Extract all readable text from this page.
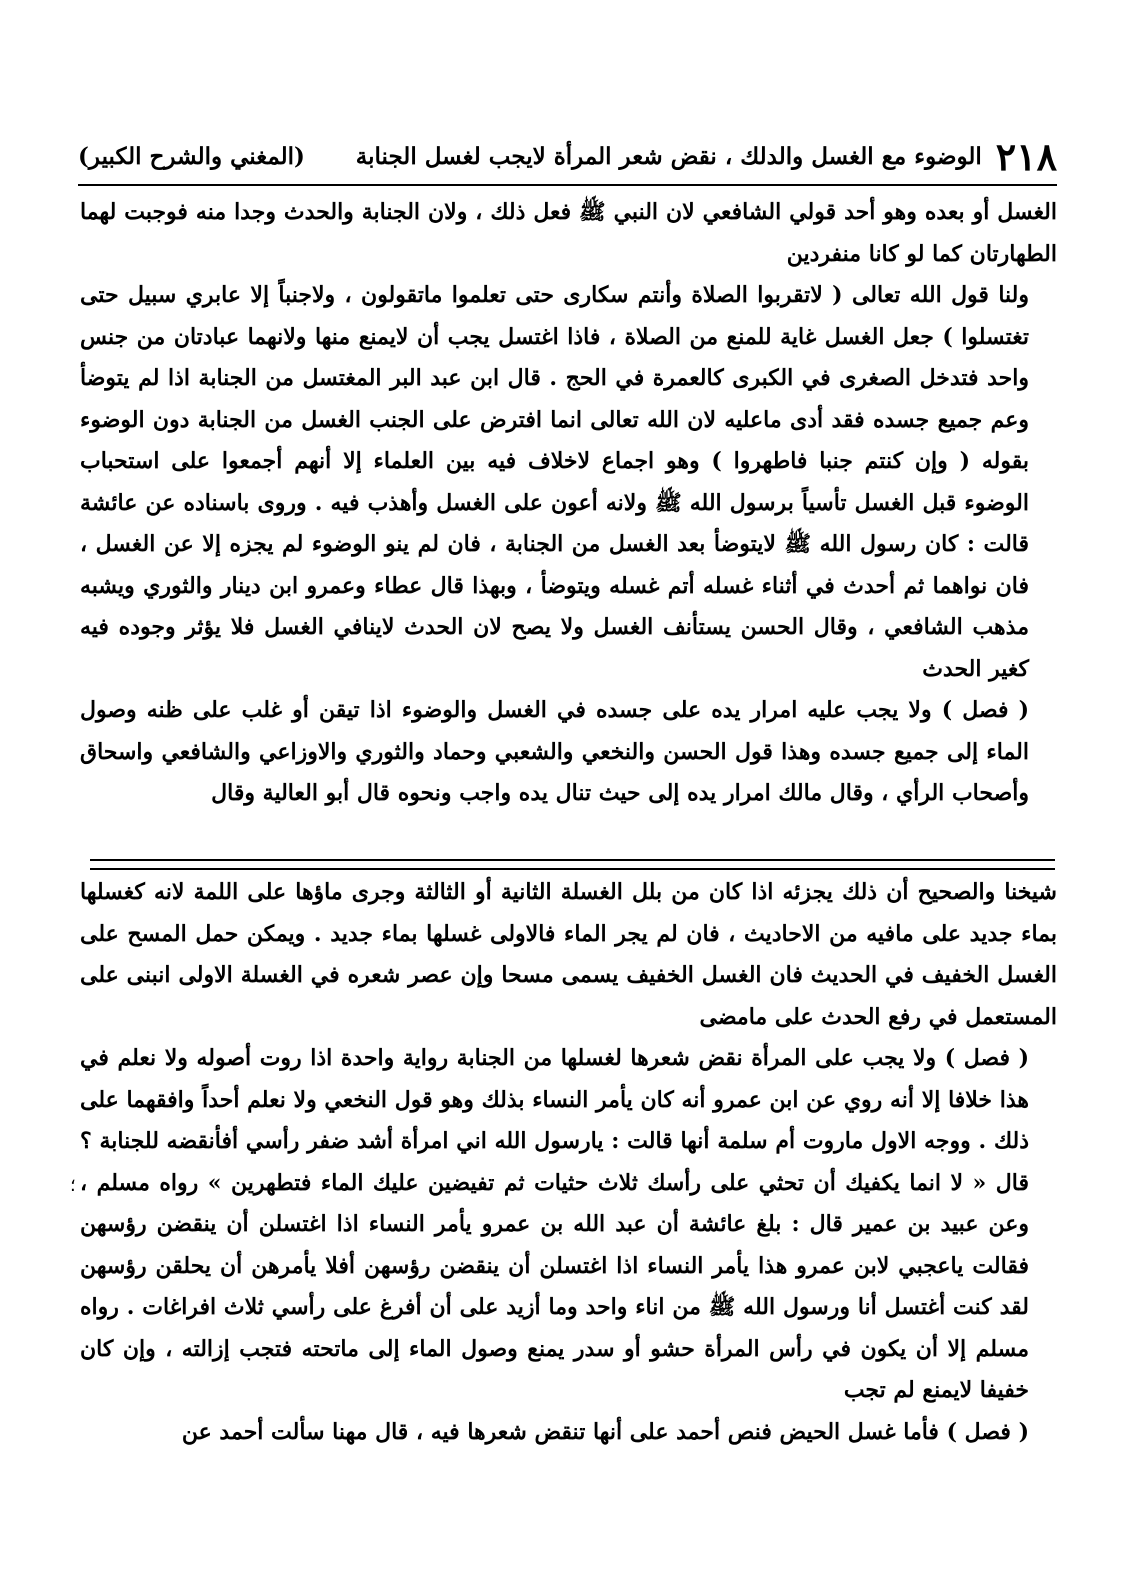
٢١٨
الوضوء مع الغسل والدلك ، نقض شعر المرأة لايجب لغسل الجنابة
(المغني والشرح الكبير)

الغسل أو بعده وهو أحد قولي الشافعي لان النبي ﷺ فعل ذلك ، ولان الجنابة والحدث وجدا منه فوجبت لهما الطهارتان كما لو كانا منفردين

ولنا قول الله تعالى ( لاتقربوا الصلاة وأنتم سكارى حتى تعلموا ماتقولون ، ولاجنباً إلا عابري سبيل حتى تغتسلوا ) جعل الغسل غاية للمنع من الصلاة ، فاذا اغتسل يجب أن لايمنع منها ولانهما عبادتان من جنس واحد فتدخل الصغرى في الكبرى كالعمرة في الحج . قال ابن عبد البر المغتسل من الجنابة اذا لم يتوضأ وعم جميع جسده فقد أدى ماعليه لان الله تعالى انما افترض على الجنب الغسل من الجنابة دون الوضوء بقوله ( وإن كنتم جنبا فاطهروا ) وهو اجماع لاخلاف فيه بين العلماء إلا أنهم أجمعوا على استحباب الوضوء قبل الغسل تأسياً برسول الله ﷺ ولانه أعون على الغسل وأهذب فيه . وروى باسناده عن عائشة قالت : كان رسول الله ﷺ لايتوضأ بعد الغسل من الجنابة ، فان لم ينو الوضوء لم يجزه إلا عن الغسل ، فان نواهما ثم أحدث في أثناء غسله أتم غسله ويتوضأ ، وبهذا قال عطاء وعمرو ابن دينار والثوري ويشبه مذهب الشافعي ، وقال الحسن يستأنف الغسل ولا يصح لان الحدث لاينافي الغسل فلا يؤثر وجوده فيه كغير الحدث

( فصل ) ولا يجب عليه امرار يده على جسده في الغسل والوضوء اذا تيقن أو غلب على ظنه وصول الماء إلى جميع جسده وهذا قول الحسن والنخعي والشعبي وحماد والثوري والاوزاعي والشافعي واسحاق وأصحاب الرأي ، وقال مالك امرار يده إلى حيث تنال يده واجب ونحوه قال أبو العالية وقال

شيخنا والصحيح أن ذلك يجزئه اذا كان من بلل الغسلة الثانية أو الثالثة وجرى ماؤها على اللمة لانه كغسلها بماء جديد على مافيه من الاحاديث ، فان لم يجر الماء فالاولى غسلها بماء جديد . ويمكن حمل المسح على الغسل الخفيف في الحديث فان الغسل الخفيف يسمى مسحا وإن عصر شعره في الغسلة الاولى انبنى على المستعمل في رفع الحدث على مامضى

( فصل ) ولا يجب على المرأة نقض شعرها لغسلها من الجنابة رواية واحدة اذا روت أصوله ولا نعلم في هذا خلافا إلا أنه روي عن ابن عمرو أنه كان يأمر النساء بذلك وهو قول النخعي ولا نعلم أحداً وافقهما على ذلك . ووجه الاول ماروت أم سلمة أنها قالت : يارسول الله اني امرأة أشد ضفر رأسي أفأنقضه للجنابة ؟ قال « لا انما يكفيك أن تحثي على رأسك ثلاث حثيات ثم تفيضين عليك الماء فتطهرين » رواه مسلم ، وعن عبيد بن عمير قال : بلغ عائشة أن عبد الله بن عمرو يأمر النساء اذا اغتسلن أن ينقضن رؤسهن فقالت ياعجبي لابن عمرو هذا يأمر النساء اذا اغتسلن أن ينقضن رؤسهن أفلا يأمرهن أن يحلقن رؤسهن لقد كنت أغتسل أنا ورسول الله ﷺ من اناء واحد وما أزيد على أن أفرغ على رأسي ثلاث افراغات . رواه مسلم إلا أن يكون في رأس المرأة حشو أو سدر يمنع وصول الماء إلى ماتحته فتجب إزالته ، وإن كان خفيفا لايمنع لم تجب

( فصل ) فأما غسل الحيض فنص أحمد على أنها تنقض شعرها فيه ، قال مهنا سألت أحمد عن

؛
